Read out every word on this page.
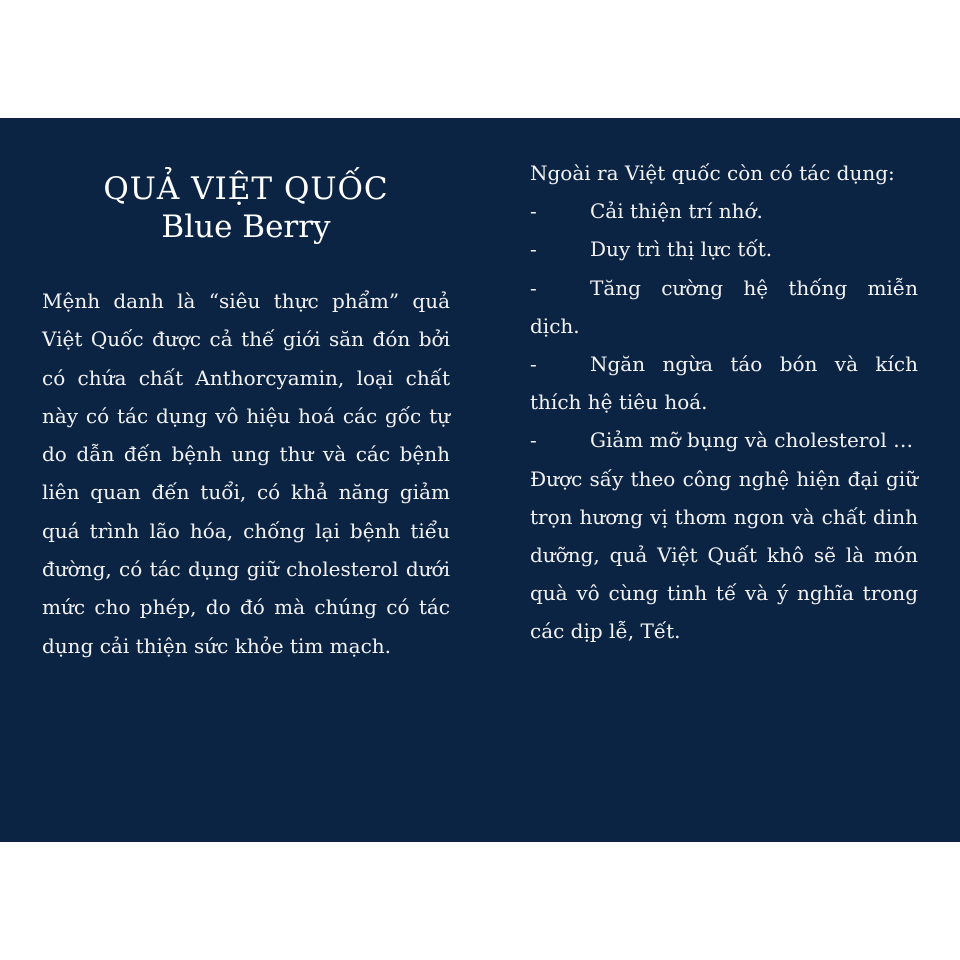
QUẢ VIỆT QUỐC
Blue Berry

Mệnh danh là “siêu thực phẩm” quả Việt Quốc được cả thế giới săn đón bởi có chứa chất Anthorcyamin, loại chất này có tác dụng vô hiệu hoá các gốc tự do dẫn đến bệnh ung thư và các bệnh liên quan đến tuổi, có khả năng giảm quá trình lão hóa, chống lại bệnh tiểu đường, có tác dụng giữ cholesterol dưới mức cho phép, do đó mà chúng có tác dụng cải thiện sức khỏe tim mạch.

Ngoài ra Việt quốc còn có tác dụng:
-	Cải thiện trí nhớ.
-	Duy trì thị lực tốt.
-	Tăng cường hệ thống miễn dịch.
-	Ngăn ngừa táo bón và kích thích hệ tiêu hoá.
-	Giảm mỡ bụng và cholesterol …
Được sấy theo công nghệ hiện đại giữ trọn hương vị thơm ngon và chất dinh dưỡng, quả Việt Quất khô sẽ là món quà vô cùng tinh tế và ý nghĩa trong các dịp lễ, Tết.
